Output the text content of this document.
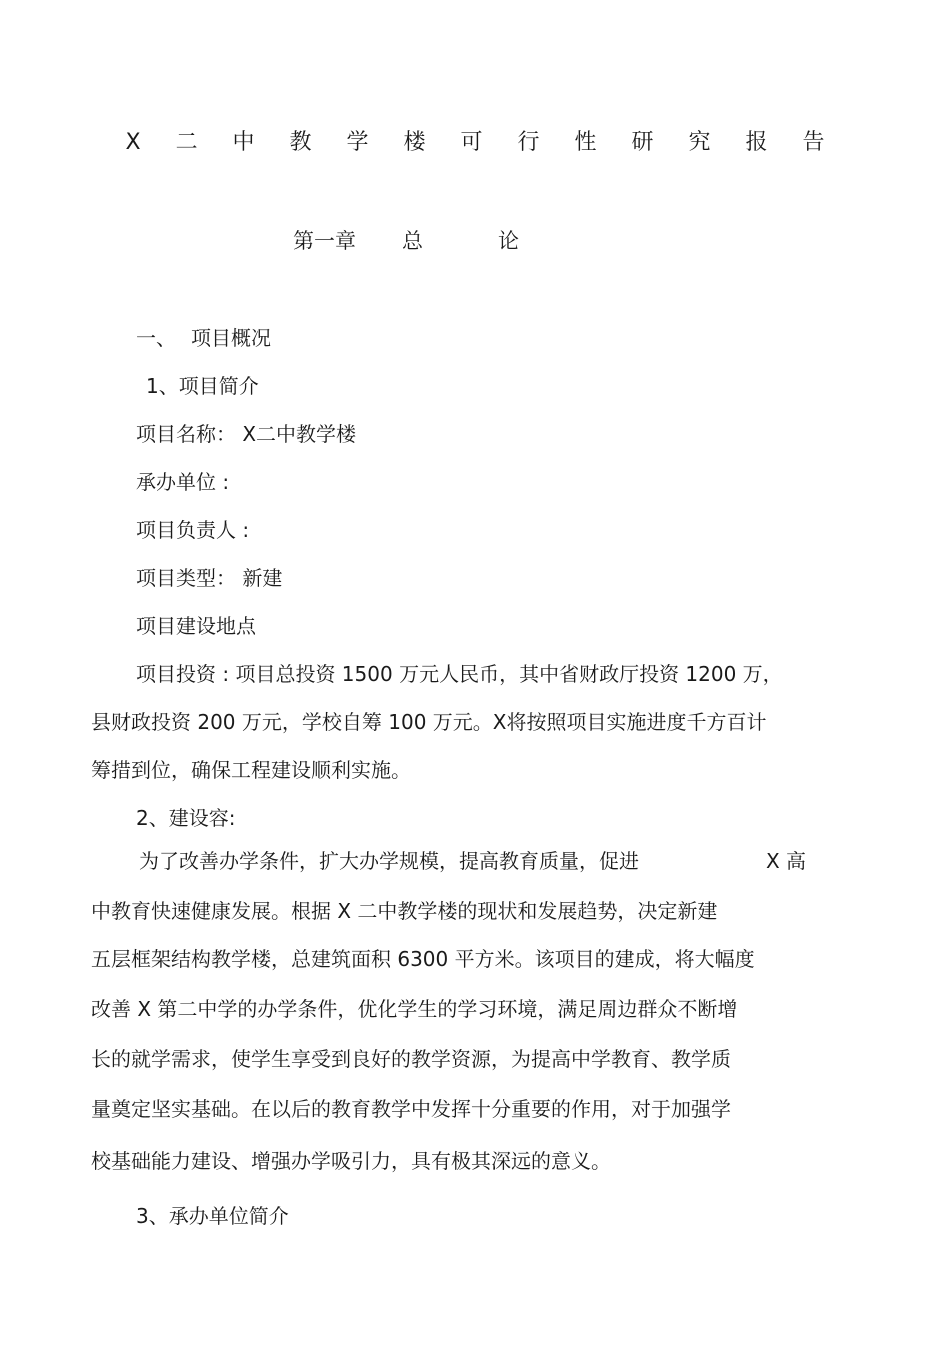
X 二 中 教 学 楼 可 行 性 研 究 报 告
第一章 总	论
一、 项目概况
1、项目简介
项目名称： X二中教学楼
承办单位 :
项目负责人 :
项目类型： 新建
项目建设地点
项目投资 : 项目总投资 1500 万元人民币，其中省财政厅投资 1200 万，
县财政投资 200 万元，学校自筹 100 万元。X将按照项目实施进度千方百计
筹措到位，确保工程建设顺利实施。
2、建设容:
为了改善办学条件，扩大办学规模，提高教育质量，促进	X 高
中教育快速健康发展。根据 X 二中教学楼的现状和发展趋势，决定新建
五层框架结构教学楼，总建筑面积 6300 平方米。该项目的建成，将大幅度
改善 X 第二中学的办学条件，优化学生的学习环境，满足周边群众不断增
长的就学需求，使学生享受到良好的教学资源，为提高中学教育、教学质
量奠定坚实基础。在以后的教育教学中发挥十分重要的作用，对于加强学
校基础能力建设、增强办学吸引力，具有极其深远的意义。
3、承办单位简介
